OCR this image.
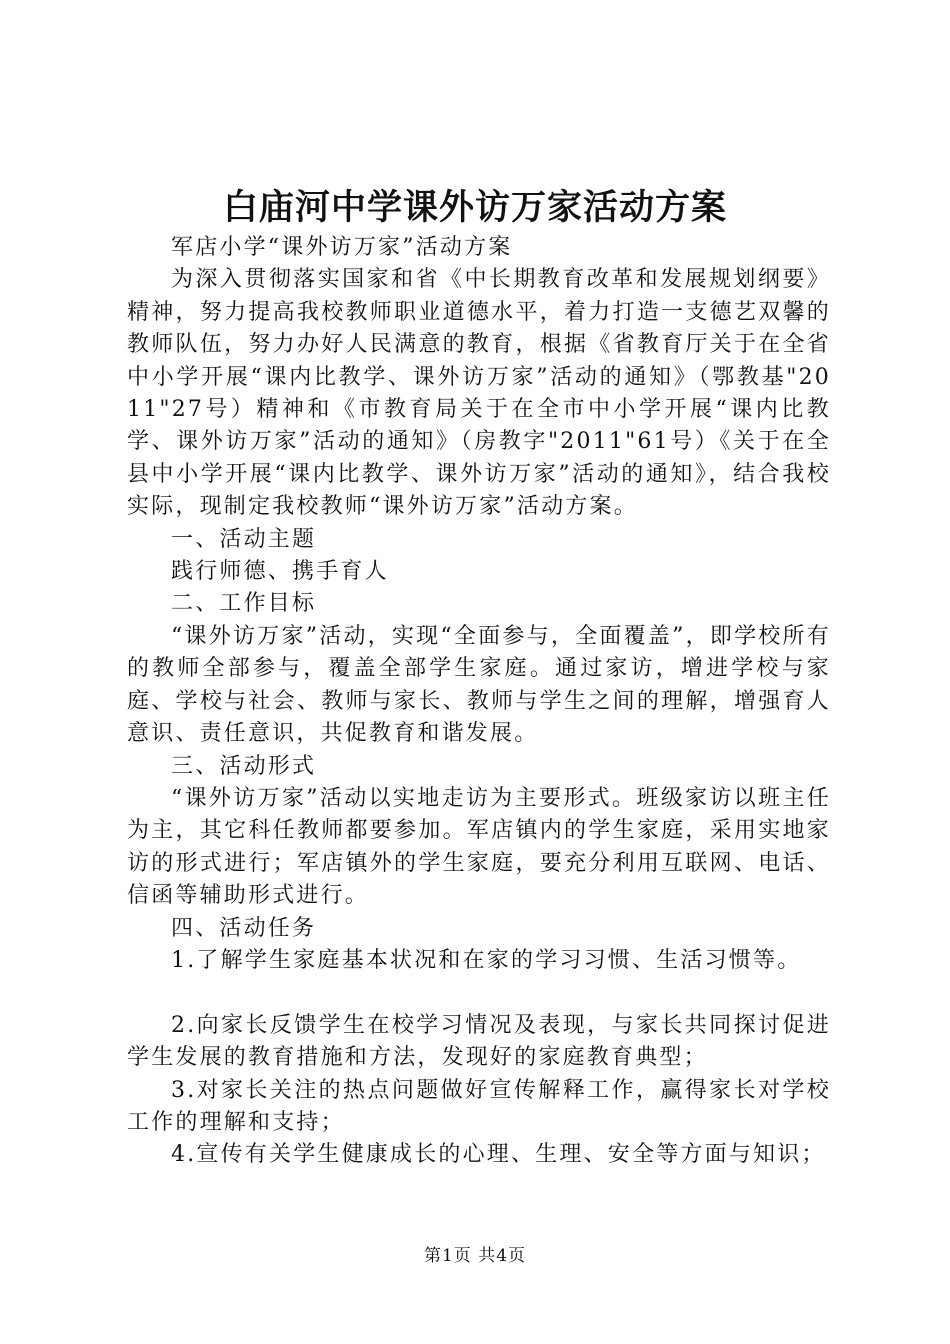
白庙河中学课外访万家活动方案

军店小学“课外访万家”活动方案

为深入贯彻落实国家和省《中长期教育改革和发展规划纲要》精神，努力提高我校教师职业道德水平，着力打造一支德艺双馨的教师队伍，努力办好人民满意的教育，根据《省教育厅关于在全省中小学开展“课内比教学、课外访万家”活动的通知》（鄂教基"2011"27号）精神和《市教育局关于在全市中小学开展“课内比教学、课外访万家”活动的通知》（房教字"2011"61号）《关于在全县中小学开展“课内比教学、课外访万家”活动的通知》，结合我校实际，现制定我校教师“课外访万家”活动方案。

一、活动主题

践行师德、携手育人

二、工作目标

“课外访万家”活动，实现“全面参与，全面覆盖”，即学校所有的教师全部参与，覆盖全部学生家庭。通过家访，增进学校与家庭、学校与社会、教师与家长、教师与学生之间的理解，增强育人意识、责任意识，共促教育和谐发展。

三、活动形式

“课外访万家”活动以实地走访为主要形式。班级家访以班主任为主，其它科任教师都要参加。军店镇内的学生家庭，采用实地家访的形式进行；军店镇外的学生家庭，要充分利用互联网、电话、信函等辅助形式进行。

四、活动任务

1.了解学生家庭基本状况和在家的学习习惯、生活习惯等。

2.向家长反馈学生在校学习情况及表现，与家长共同探讨促进学生发展的教育措施和方法，发现好的家庭教育典型；

3.对家长关注的热点问题做好宣传解释工作，赢得家长对学校工作的理解和支持；

4.宣传有关学生健康成长的心理、生理、安全等方面与知识；

第1页 共4页
